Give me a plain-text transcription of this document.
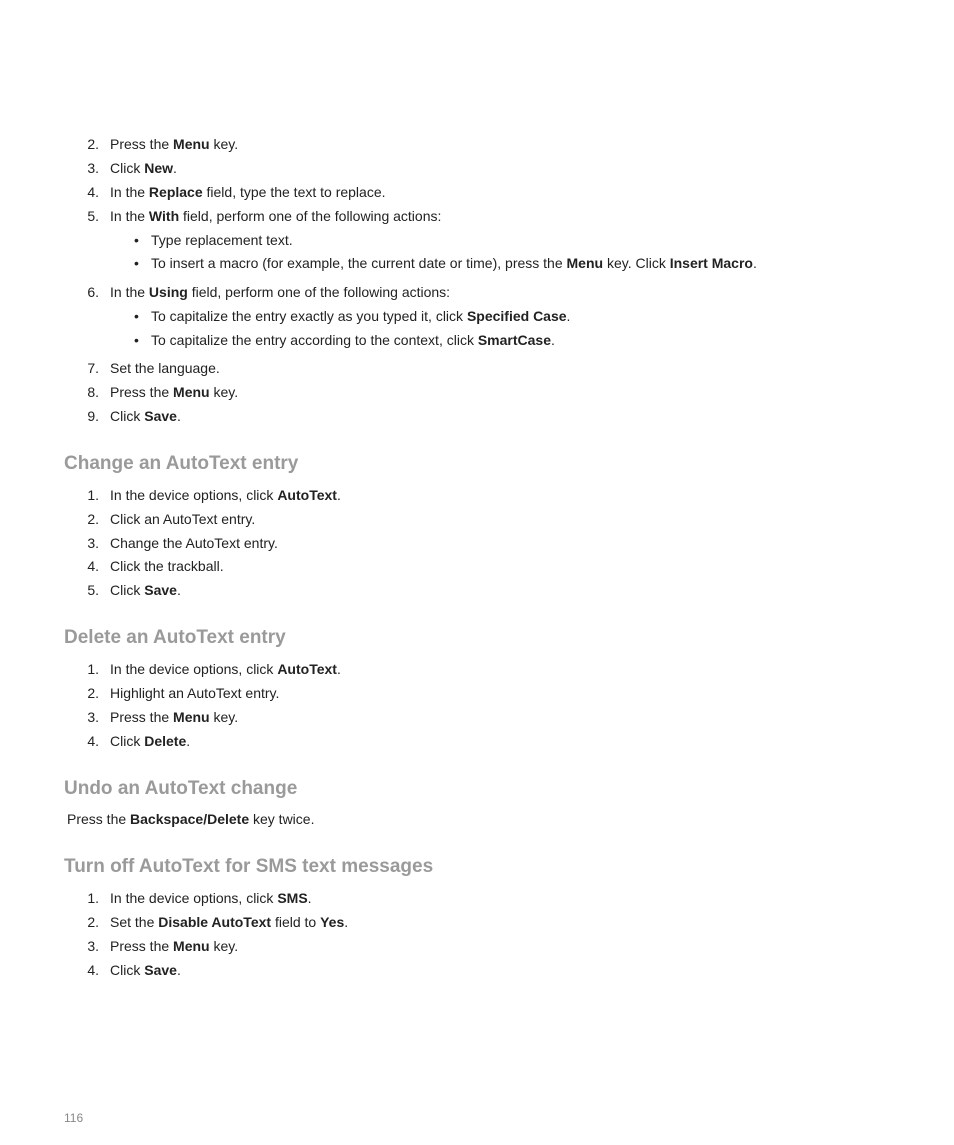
2. Press the Menu key.
3. Click New.
4. In the Replace field, type the text to replace.
5. In the With field, perform one of the following actions:
• Type replacement text.
• To insert a macro (for example, the current date or time), press the Menu key. Click Insert Macro.
6. In the Using field, perform one of the following actions:
• To capitalize the entry exactly as you typed it, click Specified Case.
• To capitalize the entry according to the context, click SmartCase.
7. Set the language.
8. Press the Menu key.
9. Click Save.
Change an AutoText entry
1. In the device options, click AutoText.
2. Click an AutoText entry.
3. Change the AutoText entry.
4. Click the trackball.
5. Click Save.
Delete an AutoText entry
1. In the device options, click AutoText.
2. Highlight an AutoText entry.
3. Press the Menu key.
4. Click Delete.
Undo an AutoText change
Press the Backspace/Delete key twice.
Turn off AutoText for SMS text messages
1. In the device options, click SMS.
2. Set the Disable AutoText field to Yes.
3. Press the Menu key.
4. Click Save.
116
